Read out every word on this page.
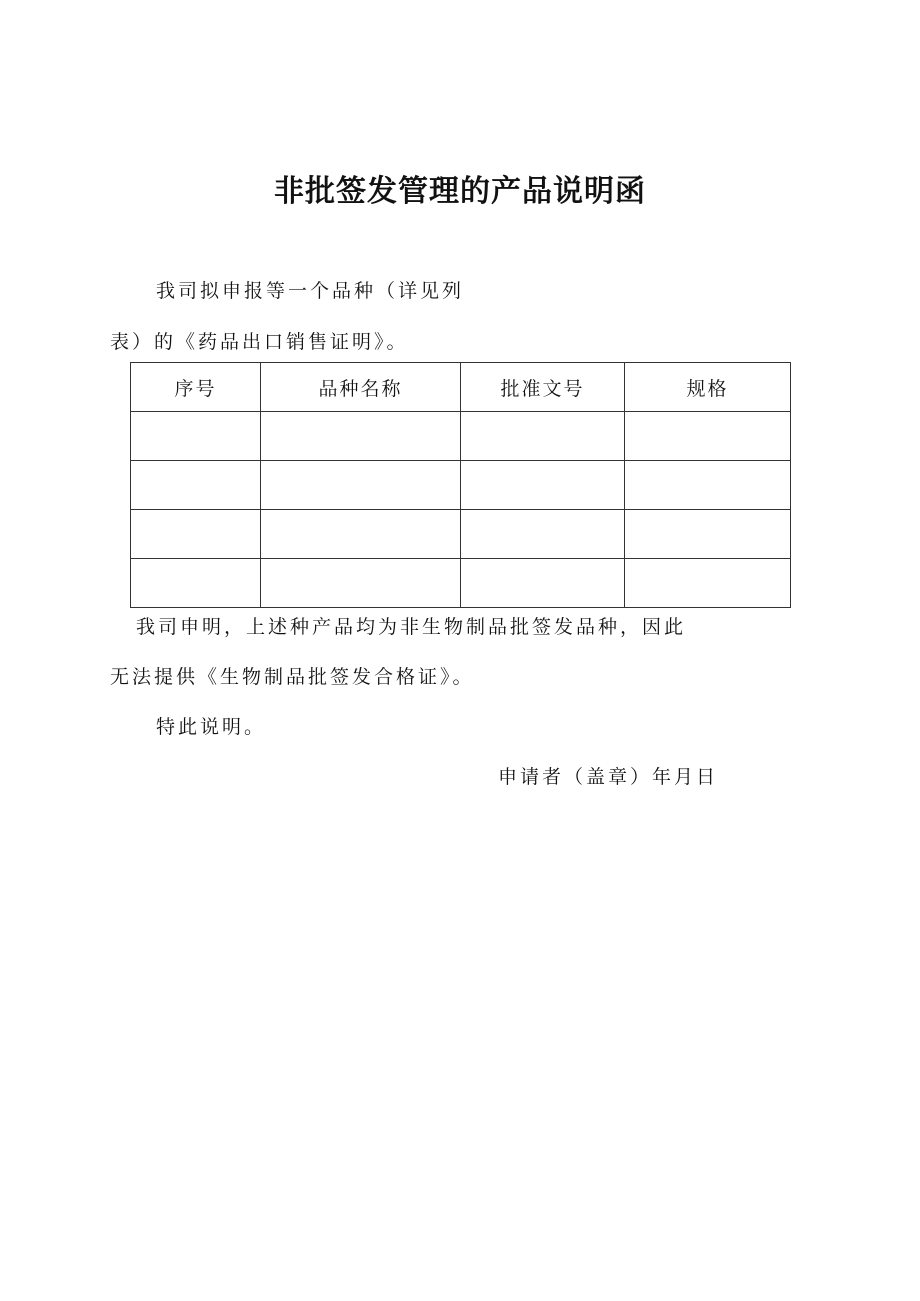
非批签发管理的产品说明函
我司拟申报等一个品种（详见列
表）的《药品出口销售证明》。
序号	品种名称	批准文号	规格

我司申明，上述种产品均为非生物制品批签发品种，因此
无法提供《生物制品批签发合格证》。
特此说明。
申请者（盖章）年月日
